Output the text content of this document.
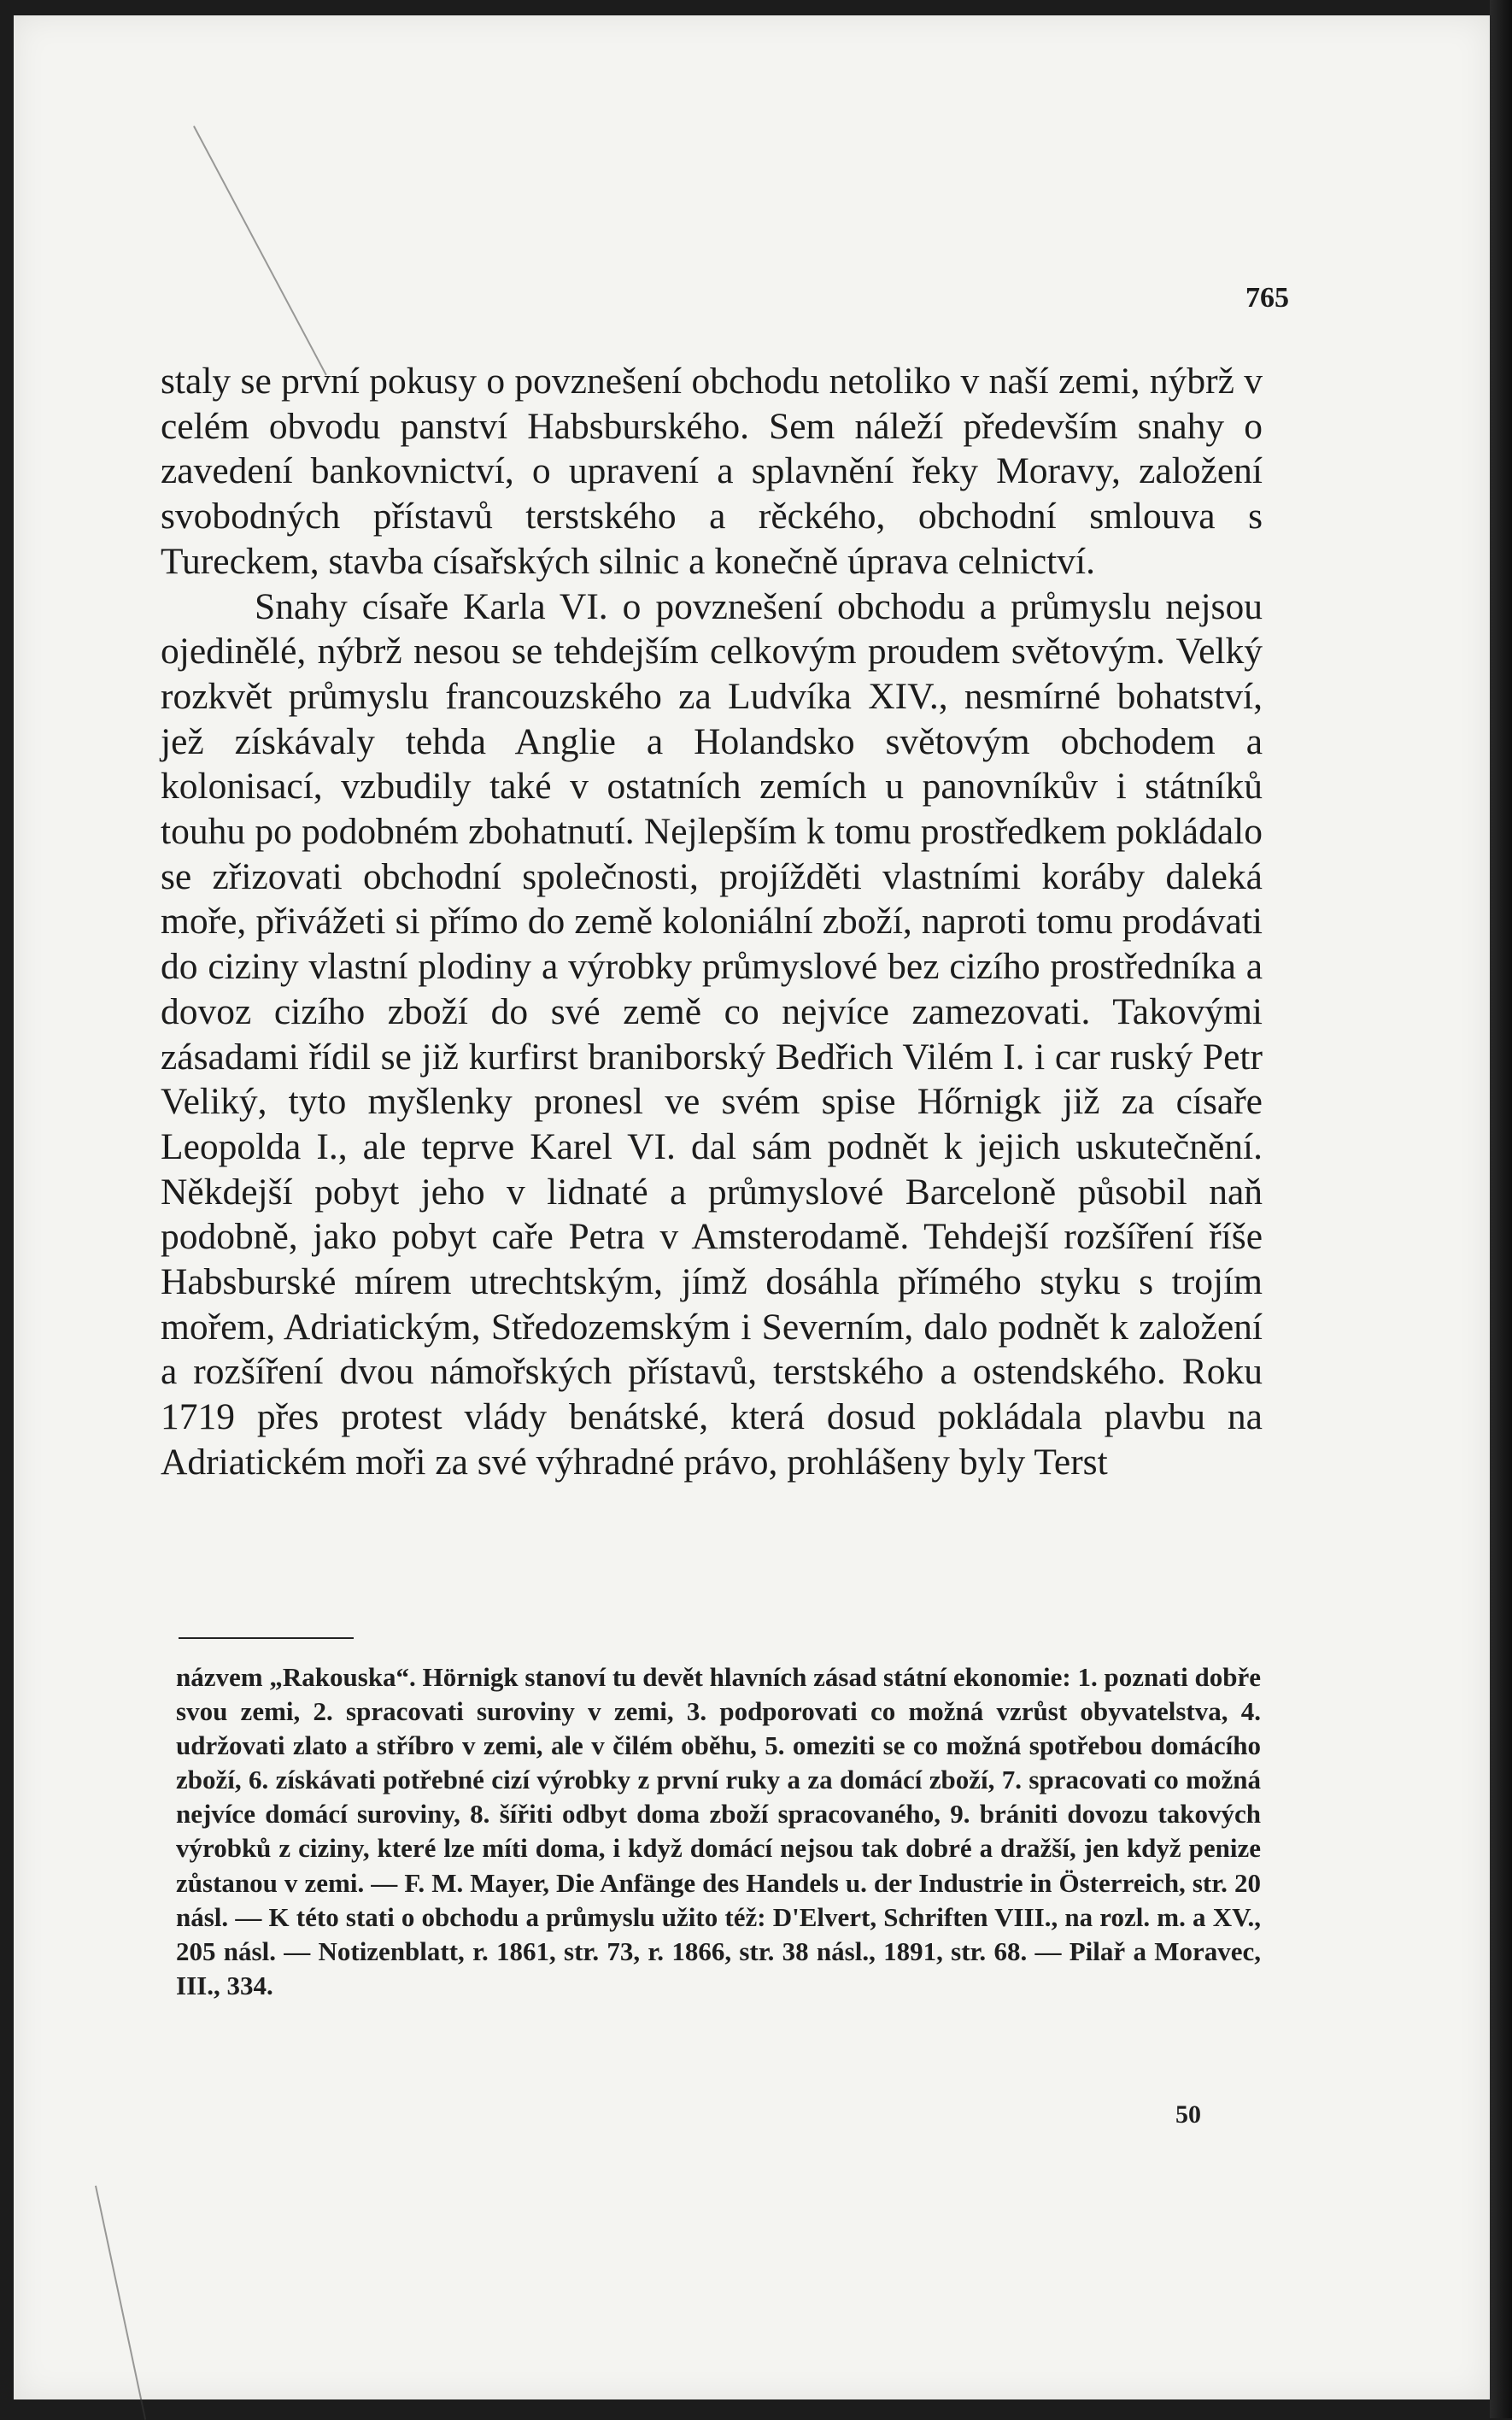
765

staly se první pokusy o povznešení obchodu netoliko v naší zemi, nýbrž v celém obvodu panství Habsburského. Sem náleží především snahy o zavedení bankovnictví, o upravení a splavnění řeky Moravy, založení svobodných přístavů terstského a rěckého, obchodní smlouva s Tureckem, stavba císařských silnic a konečně úprava celnictví.

Snahy císaře Karla VI. o povznešení obchodu a průmyslu nejsou ojedinělé, nýbrž nesou se tehdejším celkovým proudem světovým. Velký rozkvět průmyslu francouzského za Ludvíka XIV., nesmírné bohatství, jež získávaly tehda Anglie a Holandsko světovým obchodem a kolonisací, vzbudily také v ostatních zemích u panovníkův i státníků touhu po podobném zbohatnutí. Nejlepším k tomu prostředkem pokládalo se zřizovati obchodní společnosti, projížděti vlastními koráby daleká moře, přivážeti si přímo do země koloniální zboží, naproti tomu prodávati do ciziny vlastní plodiny a výrobky průmyslové bez cizího prostředníka a dovoz cizího zboží do své země co nejvíce zamezovati. Takovými zásadami řídil se již kurfirst braniborský Bedřich Vilém I. i car ruský Petr Veliký, tyto myšlenky pronesl ve svém spise Hőrnigk již za císaře Leopolda I., ale teprve Karel VI. dal sám podnět k jejich uskutečnění. Někdejší pobyt jeho v lidnaté a průmyslové Barceloně působil naň podobně, jako pobyt caře Petra v Amsterodamě. Tehdejší rozšíření říše Habsburské mírem utrechtským, jímž dosáhla přímého styku s trojím mořem, Adriatickým, Středozemským i Severním, dalo podnět k založení a rozšíření dvou námořských přístavů, terstského a ostendského. Roku 1719 přes protest vlády benátské, která dosud pokládala plavbu na Adriatickém moři za své výhradné právo, prohlášeny byly Terst

názvem „Rakouska“. Hörnigk stanoví tu devět hlavních zásad státní ekonomie: 1. poznati dobře svou zemi, 2. spracovati suroviny v zemi, 3. podporovati co možná vzrůst obyvatelstva, 4. udržovati zlato a stříbro v zemi, ale v čilém oběhu, 5. omeziti se co možná spotřebou domácího zboží, 6. získávati potřebné cizí výrobky z první ruky a za domácí zboží, 7. spracovati co možná nejvíce domácí suroviny, 8. šířiti odbyt doma zboží spracovaného, 9. brániti dovozu takových výrobků z ciziny, které lze míti doma, i když domácí nejsou tak dobré a dražší, jen když penize zůstanou v zemi. — F. M. Mayer, Die Anfänge des Handels u. der Industrie in Österreich, str. 20 násl. — K této stati o obchodu a průmyslu užito též: D'Elvert, Schriften VIII., na rozl. m. a XV., 205 násl. — Notizenblatt, r. 1861, str. 73, r. 1866, str. 38 násl., 1891, str. 68. — Pilař a Moravec, III., 334.

50
